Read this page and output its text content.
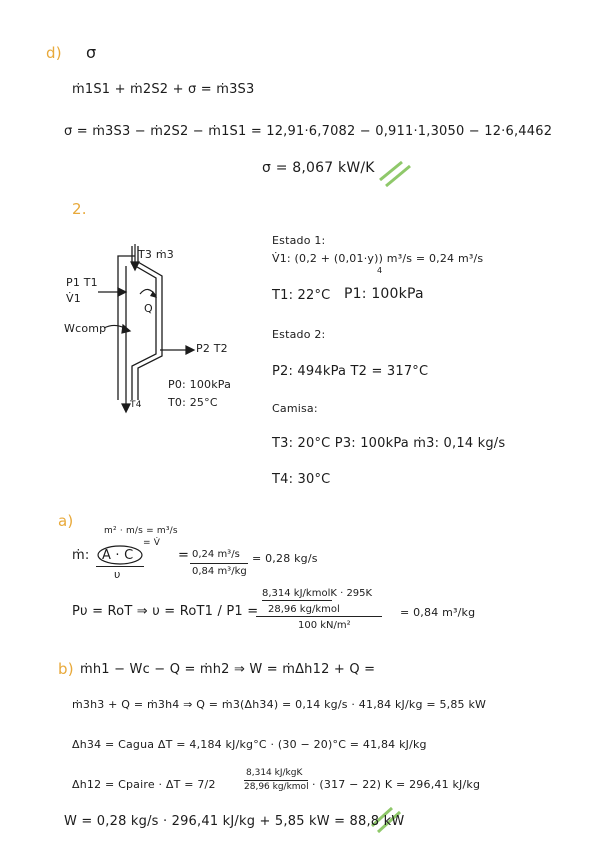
d) σ
ṁ1S1 + ṁ2S2 + σ = ṁ3S3
σ = ṁ3S3 − ṁ2S2 − ṁ1S1 = 12,91·6,7082 − 0,911·1,3050 − 12·6,4462
σ = 8,067 kW/K
2.
T3 ṁ3
P1 T1
V̇1
Q
Wcomp
P2 T2
P0: 100kPa
T0: 25°C
T4
Estado 1:
V̇1: (0,2 + (0,01·y)) m³/s = 0,24 m³/s
4
T1: 22°C P1: 100kPa
Estado 2:
P2: 494kPa T2 = 317°C
Camisa:
T3: 20°C P3: 100kPa ṁ3: 0,14 kg/s
T4: 30°C
a)
m² · m/s = m³/s
= V̇
ṁ: A · C
υ
= 0,24 m³/s
0,84 m³/kg
= 0,28 kg/s
Pυ = RoT ⇒ υ = RoT1 / P1 =
8,314 kJ/kmolK · 295K
28,96 kg/kmol
100 kN/m²
= 0,84 m³/kg
b) ṁh1 − Wc − Q = ṁh2 ⇒ W = ṁΔh12 + Q =
ṁ3h3 + Q = ṁ3h4 ⇒ Q = ṁ3(Δh34) = 0,14 kg/s · 41,84 kJ/kg = 5,85 kW
Δh34 = Cagua ΔT = 4,184 kJ/kg°C · (30 − 20)°C = 41,84 kJ/kg
Δh12 = Cpaire · ΔT = 7/2
8,314 kJ/kgK
28,96 kg/kmol · (317 − 22) K = 296,41 kJ/kg
W = 0,28 kg/s · 296,41 kJ/kg + 5,85 kW = 88,8 kW
